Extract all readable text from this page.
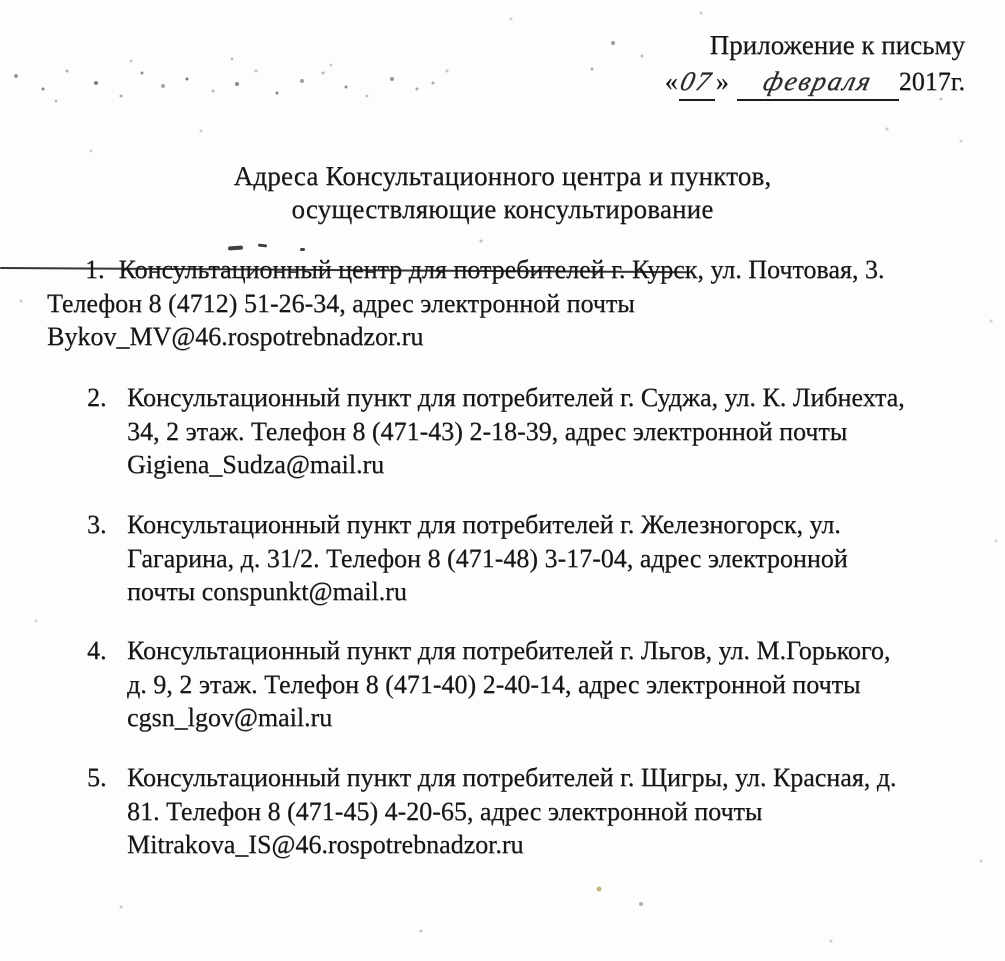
Приложение к письму
«07» февраля 2017г.
Адреса Консультационного центра и пунктов,
осуществляющие консультирование
1. Консультационный центр для потребителей г. Курск, ул. Почтовая, 3.
Телефон 8 (4712) 51-26-34, адрес электронной почты
Bykov_MV@46.rospotrebnadzor.ru
2. Консультационный пункт для потребителей г. Суджа, ул. К. Либнехта,
34, 2 этаж. Телефон 8 (471-43) 2-18-39, адрес электронной почты
Gigiena_Sudza@mail.ru
3. Консультационный пункт для потребителей г. Железногорск, ул.
Гагарина, д. 31/2. Телефон 8 (471-48) 3-17-04, адрес электронной
почты conspunkt@mail.ru
4. Консультационный пункт для потребителей г. Льгов, ул. М.Горького,
д. 9, 2 этаж. Телефон 8 (471-40) 2-40-14, адрес электронной почты
cgsn_lgov@mail.ru
5. Консультационный пункт для потребителей г. Щигры, ул. Красная, д.
81. Телефон 8 (471-45) 4-20-65, адрес электронной почты
Mitrakova_IS@46.rospotrebnadzor.ru
